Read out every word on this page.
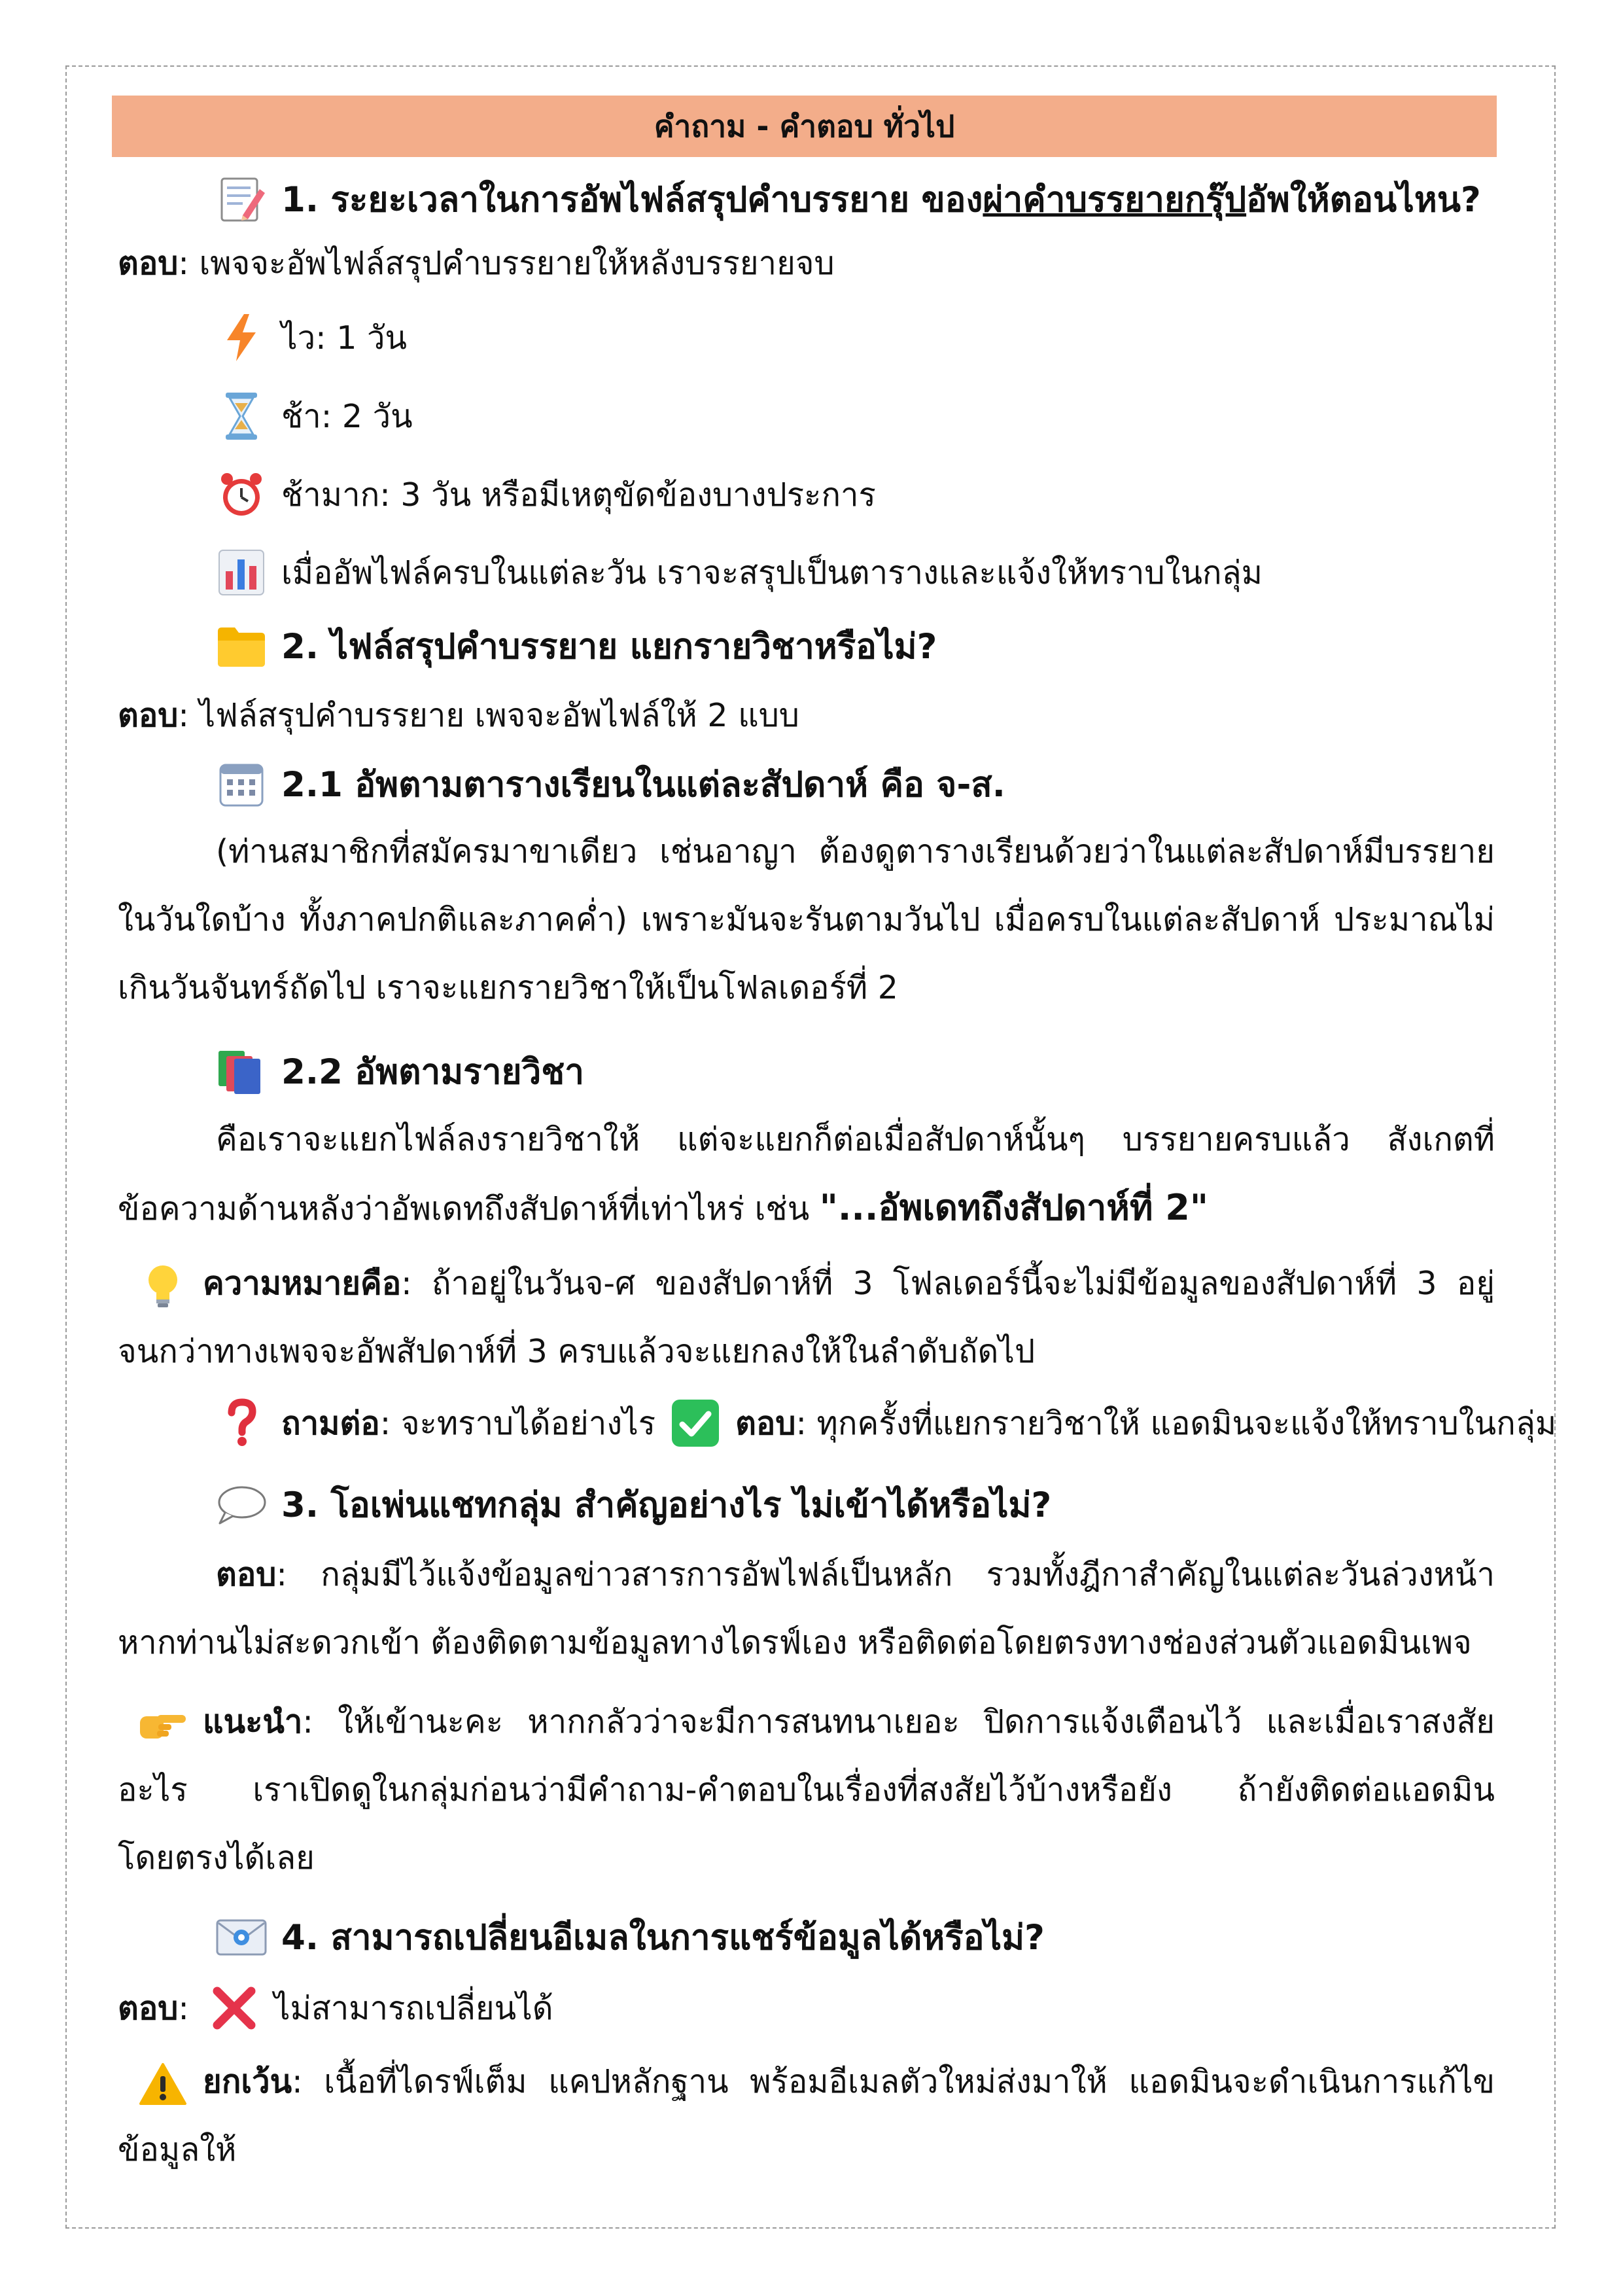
คำถาม - คำตอบ ทั่วไป
1. ระยะเวลาในการอัพไฟล์สรุปคำบรรยาย ของ ผ่าคำบรรยายกรุ๊ป อัพให้ตอนไหน?
ตอบ : เพจจะอัพไฟล์สรุปคำบรรยายให้หลังบรรยายจบ
ไว: 1 วัน
ช้า: 2 วัน
ช้ามาก: 3 วัน หรือมีเหตุขัดข้องบางประการ
เมื่ออัพไฟล์ครบในแต่ละวัน เราจะสรุปเป็นตารางและแจ้งให้ทราบในกลุ่ม
2. ไฟล์สรุปคำบรรยาย แยกรายวิชาหรือไม่?
ตอบ : ไฟล์สรุปคำบรรยาย เพจจะอัพไฟล์ให้ 2 แบบ
2.1 อัพตามตารางเรียนในแต่ละสัปดาห์ คือ จ-ส.

(ท่านสมาชิกที่สมัครมาขาเดียว เช่นอาญา ต้องดูตารางเรียนด้วยว่าในแต่ละสัปดาห์มีบรรยายในวันใดบ้าง ทั้งภาคปกติและภาคค่ำ) เพราะมันจะรันตามวันไป เมื่อครบในแต่ละสัปดาห์ ประมาณไม่เกินวันจันทร์ถัดไป เราจะแยกรายวิชาให้เป็นโฟลเดอร์ที่ 2

2.2 อัพตามรายวิชา

คือเราจะแยกไฟล์ลงรายวิชาให้ แต่จะแยกก็ต่อเมื่อสัปดาห์นั้นๆ บรรยายครบแล้ว สังเกตที่ข้อความด้านหลังว่าอัพเดทถึงสัปดาห์ที่เท่าไหร่ เช่น "...อัพเดทถึงสัปดาห์ที่ 2"

ความหมายคือ: ถ้าอยู่ในวันจ-ศ ของสัปดาห์ที่ 3 โฟลเดอร์นี้จะไม่มีข้อมูลของสัปดาห์ที่ 3 อยู่จนกว่าทางเพจจะอัพสัปดาห์ที่ 3 ครบแล้วจะแยกลงให้ในลำดับถัดไป

ถามต่อ : จะทราบได้อย่างไร ตอบ : ทุกครั้งที่แยกรายวิชาให้ แอดมินจะแจ้งให้ทราบในกลุ่ม
3. โอเพ่นแชทกลุ่ม สำคัญอย่างไร ไม่เข้าได้หรือไม่?

ตอบ: กลุ่มมีไว้แจ้งข้อมูลข่าวสารการอัพไฟล์เป็นหลัก รวมทั้งฎีกาสำคัญในแต่ละวันล่วงหน้า หากท่านไม่สะดวกเข้า ต้องติดตามข้อมูลทางไดรฟ์เอง หรือติดต่อโดยตรงทางช่องส่วนตัวแอดมินเพจ

แนะนำ: ให้เข้านะคะ หากกลัวว่าจะมีการสนทนาเยอะ ปิดการแจ้งเตือนไว้ และเมื่อเราสงสัยอะไร เราเปิดดูในกลุ่มก่อนว่ามีคำถาม-คำตอบในเรื่องที่สงสัยไว้บ้างหรือยัง ถ้ายังติดต่อแอดมินโดยตรงได้เลย

4. สามารถเปลี่ยนอีเมลในการแชร์ข้อมูลได้หรือไม่?
ตอบ :	ไม่สามารถเปลี่ยนได้

ยกเว้น: เนื้อที่ไดรฟ์เต็ม แคปหลักฐาน พร้อมอีเมลตัวใหม่ส่งมาให้ แอดมินจะดำเนินการแก้ไขข้อมูลให้
